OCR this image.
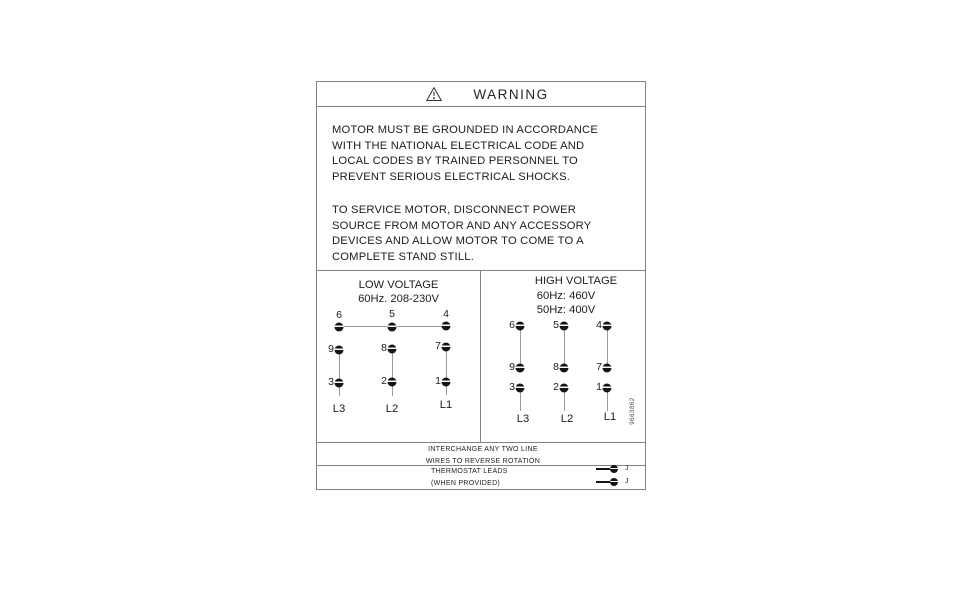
WARNING
MOTOR MUST BE GROUNDED IN ACCORDANCE
WITH THE NATIONAL ELECTRICAL CODE AND
LOCAL CODES BY TRAINED PERSONNEL TO
PREVENT SERIOUS ELECTRICAL SHOCKS.
TO SERVICE MOTOR, DISCONNECT POWER
SOURCE FROM MOTOR AND ANY ACCESSORY
DEVICES AND ALLOW MOTOR TO COME TO A
COMPLETE STAND STILL.
LOW VOLTAGE
60Hz. 208-230V
6	5	4
9	8	7
3	2	1
L3	L2	L1
HIGH VOLTAGE
60Hz: 460V
50Hz: 400V
6	5	4
9	8	7
3	2	1
L3	L2	L1	9663862
INTERCHANGE ANY TWO LINE
WIRES TO REVERSE ROTATION
THERMOSTAT LEADS
(WHEN PROVIDED)
J
J
